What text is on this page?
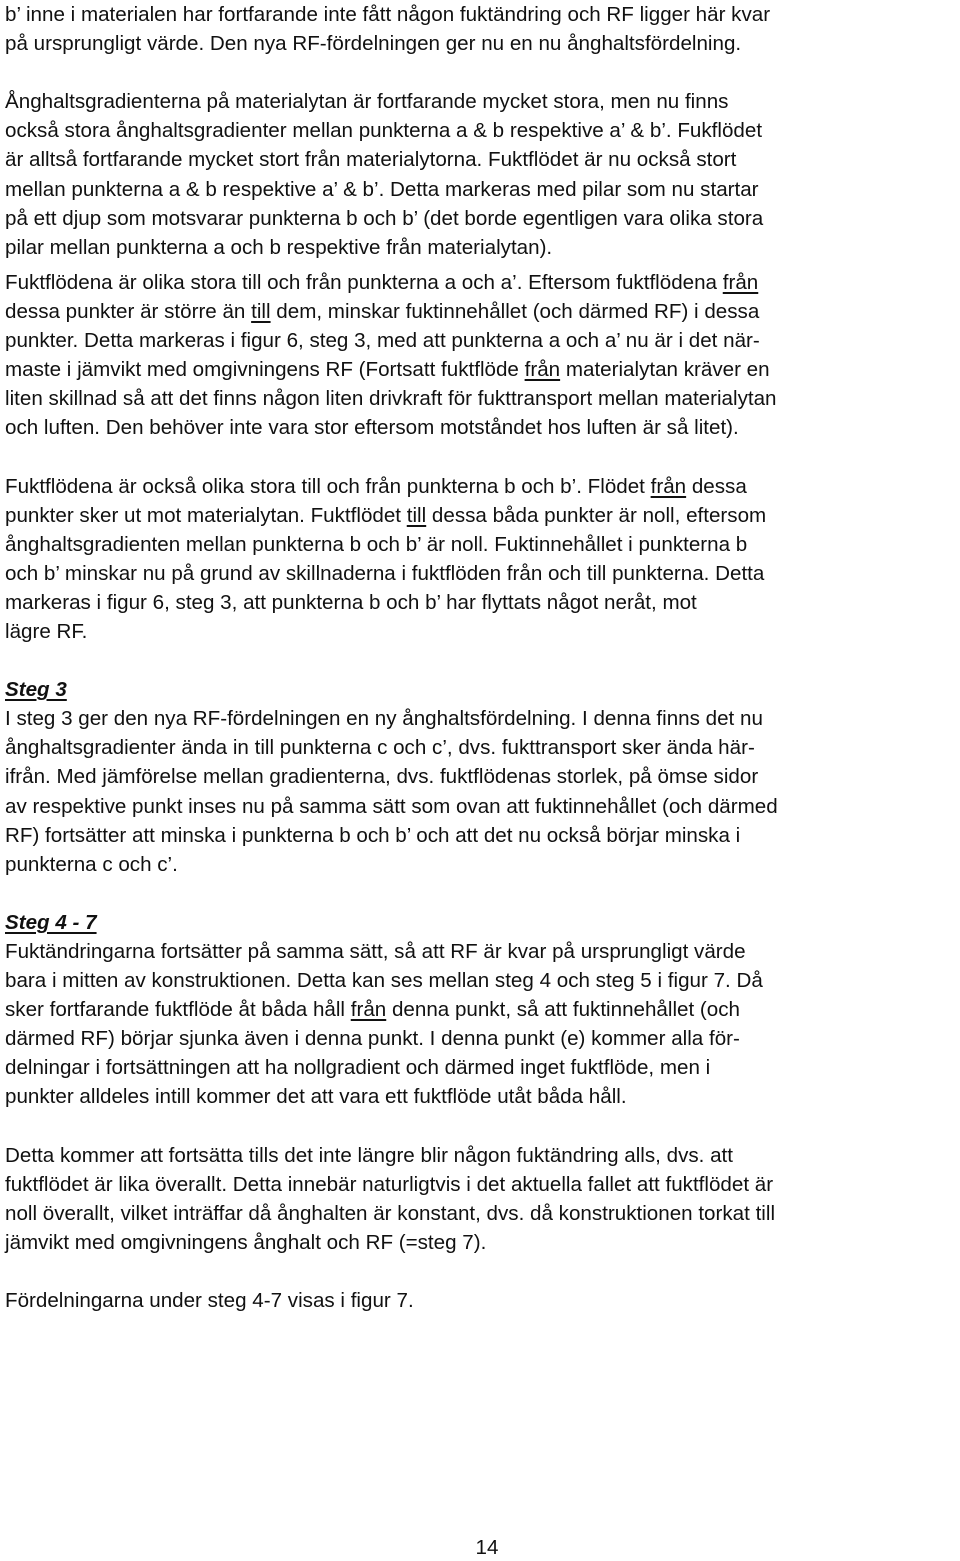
b’ inne i materialen har fortfarande inte fått någon fuktändring och RF ligger här kvar
på ursprungligt värde. Den nya RF-fördelningen ger nu en nu ånghaltsfördelning.
Ånghaltsgradienterna på materialytan är fortfarande mycket stora, men nu finns
också stora ånghaltsgradienter mellan punkterna a & b respektive a’ & b’. Fukflödet
är alltså fortfarande mycket stort från materialytorna. Fuktflödet är nu också stort
mellan punkterna a & b respektive a’ & b’. Detta markeras med pilar som nu startar
på ett djup som motsvarar punkterna b och b’ (det borde egentligen vara olika stora
pilar mellan punkterna a och b respektive från materialytan).
Fuktflödena är olika stora till och från punkterna a och a’. Eftersom fuktflödena från
dessa punkter är större än till dem, minskar fuktinnehållet (och därmed RF) i dessa
punkter. Detta markeras i figur 6, steg 3, med att punkterna a och a’ nu är i det när-
maste i jämvikt med omgivningens RF (Fortsatt fuktflöde från materialytan kräver en
liten skillnad så att det finns någon liten drivkraft för fukttransport mellan materialytan
och luften. Den behöver inte vara stor eftersom motståndet hos luften är så litet).
Fuktflödena är också olika stora till och från punkterna b och b’. Flödet från dessa
punkter sker ut mot materialytan. Fuktflödet till dessa båda punkter är noll, eftersom
ånghaltsgradienten mellan punkterna b och b’ är noll. Fuktinnehållet i punkterna b
och b’ minskar nu på grund av skillnaderna i fuktflöden från och till punkterna. Detta
markeras i figur 6, steg 3, att punkterna b och b’ har flyttats något neråt, mot
lägre RF.
Steg 3
I steg 3 ger den nya RF-fördelningen en ny ånghaltsfördelning. I denna finns det nu
ånghaltsgradienter ända in till punkterna c och c’, dvs. fukttransport sker ända här-
ifrån. Med jämförelse mellan gradienterna, dvs. fuktflödenas storlek, på ömse sidor
av respektive punkt inses nu på samma sätt som ovan att fuktinnehållet (och därmed
RF) fortsätter att minska i punkterna b och b’ och att det nu också börjar minska i
punkterna c och c’.
Steg 4 - 7
Fuktändringarna fortsätter på samma sätt, så att RF är kvar på ursprungligt värde
bara i mitten av konstruktionen. Detta kan ses mellan steg 4 och steg 5 i figur 7. Då
sker fortfarande fuktflöde åt båda håll från denna punkt, så att fuktinnehållet (och
därmed RF) börjar sjunka även i denna punkt. I denna punkt (e) kommer alla för-
delningar i fortsättningen att ha nollgradient och därmed inget fuktflöde, men i
punkter alldeles intill kommer det att vara ett fuktflöde utåt båda håll.
Detta kommer att fortsätta tills det inte längre blir någon fuktändring alls, dvs. att
fuktflödet är lika överallt. Detta innebär naturligtvis i det aktuella fallet att fuktflödet är
noll överallt, vilket inträffar då ånghalten är konstant, dvs. då konstruktionen torkat till
jämvikt med omgivningens ånghalt och RF (=steg 7).
Fördelningarna under steg 4-7 visas i figur 7.
14
